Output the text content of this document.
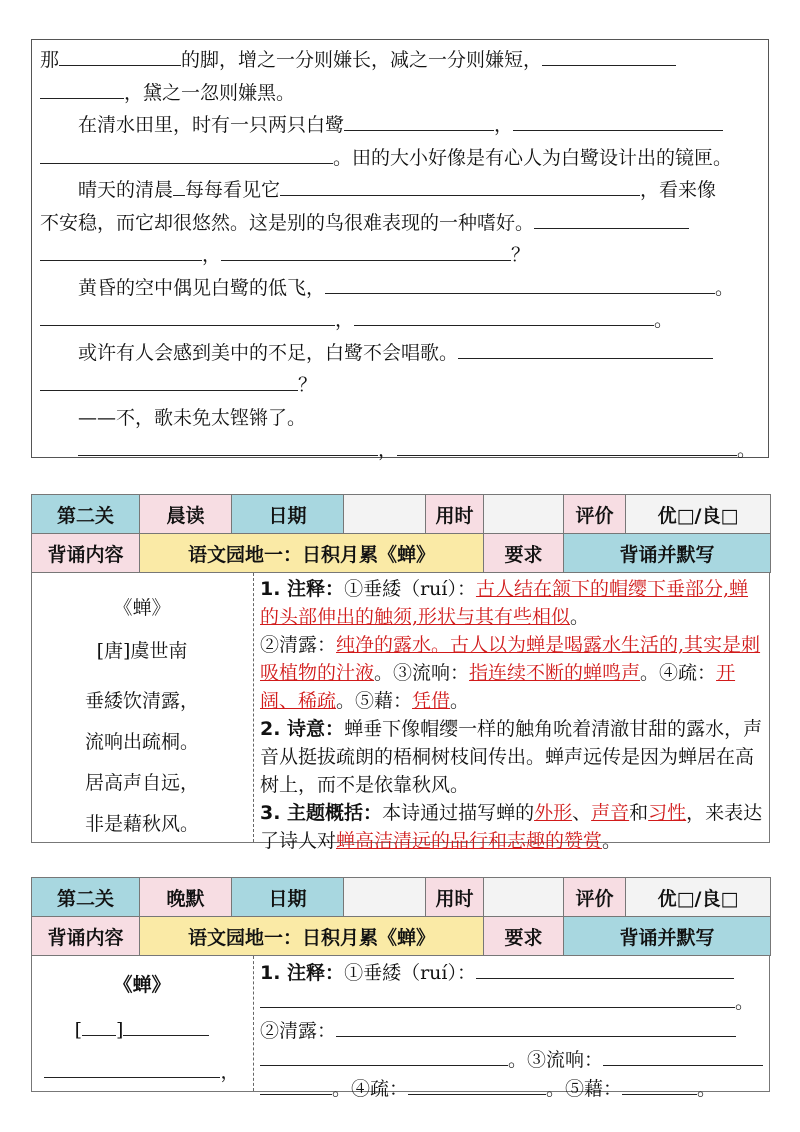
那	的脚，增之一分则嫌长，减之一分则嫌短，

，黛之一忽则嫌黑。

在清水田里，时有一只两只白鹭	，

。田的大小好像是有心人为白鹭设计出的镜匣。

晴天的清晨 每每看见它	，看来像

不安稳，而它却很悠然。这是别的鸟很难表现的一种嗜好。

，	？

黄昏的空中偶见白鹭的低飞，	。

，	。

或许有人会感到美中的不足，白鹭不会唱歌。

？

——不，歌未免太铿锵了。

，	。

第二关	晨读	日期		用时		评价	优□/良□
背诵内容	语文园地一：日积月累《蝉》				要求	背诵并默写	
《蝉》
[唐]虞世南
垂緌饮清露，
流响出疏桐。
居高声自远，
非是藉秋风。

1. 注释：①垂緌（ruí）：古人结在颔下的帽缨下垂部分,蝉的头部伸出的触须,形状与其有些相似。
②清露：纯净的露水。古人以为蝉是喝露水生活的,其实是刺吸植物的汁液。③流响：指连续不断的蝉鸣声。④疏：开阔、稀疏。⑤藉：凭借。

2. 诗意：蝉垂下像帽缨一样的触角吮着清澈甘甜的露水，声音从挺拔疏朗的梧桐树枝间传出。蝉声远传是因为蝉居在高树上，而不是依靠秋风。

3. 主题概括：本诗通过描写蝉的外形、声音和习性，来表达了诗人对蝉高洁清远的品行和志趣的赞赏。

第二关	晚默	日期		用时		评价	优□/良□
背诵内容	语文园地一：日积月累《蝉》				要求	背诵并默写	
《蝉》
[ ]
，

1. 注释：①垂緌（ruí）：

。

②清露：

。③流响：

。④疏：	。⑤藉：	。
